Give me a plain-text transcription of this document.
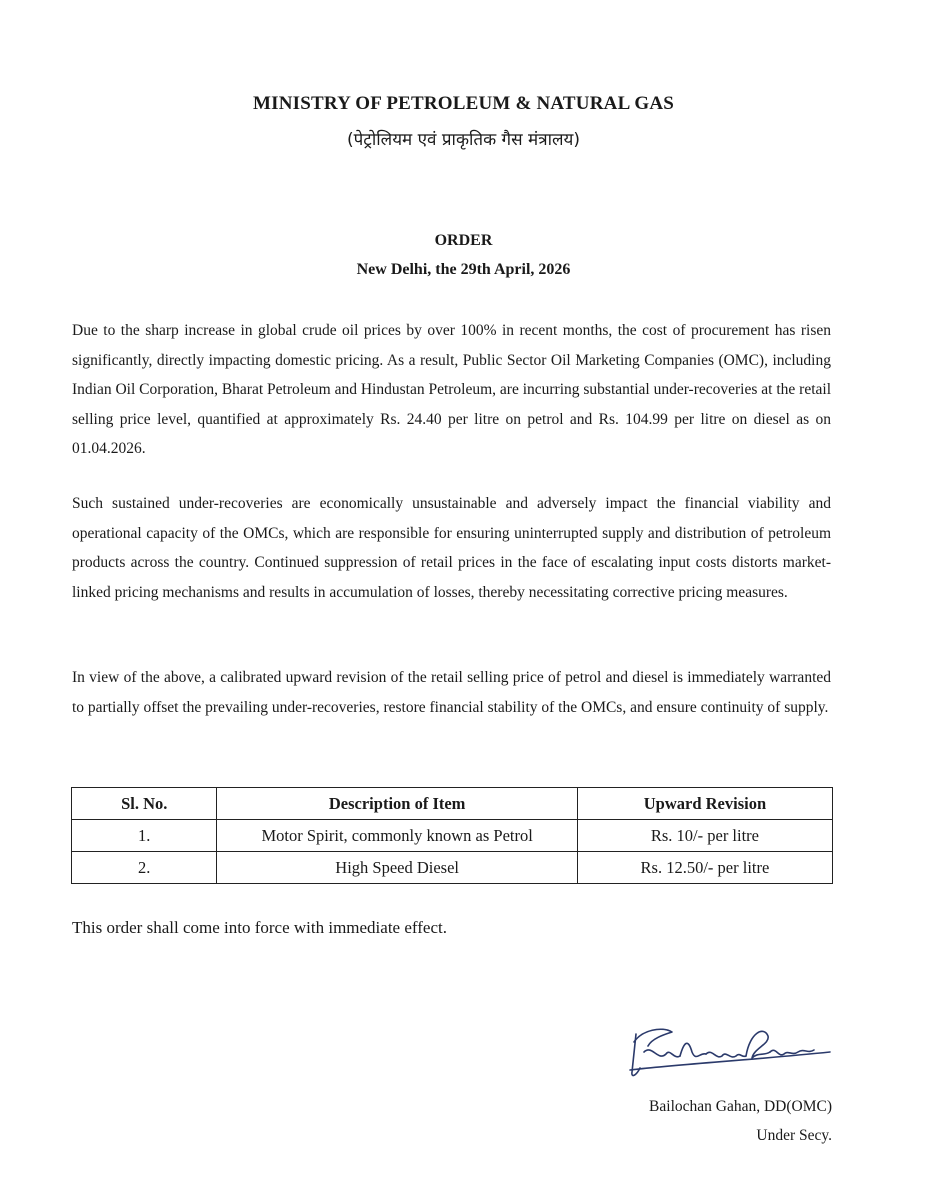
MINISTRY OF PETROLEUM & NATURAL GAS
(पेट्रोलियम एवं प्राकृतिक गैस मंत्रालय)
ORDER
New Delhi, the 29th April, 2026

Due to the sharp increase in global crude oil prices by over 100% in recent months, the cost of procurement has risen significantly, directly impacting domestic pricing. As a result, Public Sector Oil Marketing Companies (OMC), including Indian Oil Corporation, Bharat Petroleum and Hindustan Petroleum, are incurring substantial under-recoveries at the retail selling price level, quantified at approximately Rs. 24.40 per litre on petrol and Rs. 104.99 per litre on diesel as on 01.04.2026.

Such sustained under-recoveries are economically unsustainable and adversely impact the financial viability and operational capacity of the OMCs, which are responsible for ensuring uninterrupted supply and distribution of petroleum products across the country. Continued suppression of retail prices in the face of escalating input costs distorts market-linked pricing mechanisms and results in accumulation of losses, thereby necessitating corrective pricing measures.

In view of the above, a calibrated upward revision of the retail selling price of petrol and diesel is immediately warranted to partially offset the prevailing under-recoveries, restore financial stability of the OMCs, and ensure continuity of supply.

Sl. No.	Description of Item	Upward Revision
1.	Motor Spirit, commonly known as Petrol	Rs. 10/- per litre
2.	High Speed Diesel	Rs. 12.50/- per litre
This order shall come into force with immediate effect.
Bailochan Gahan, DD(OMC)
Under Secy.
